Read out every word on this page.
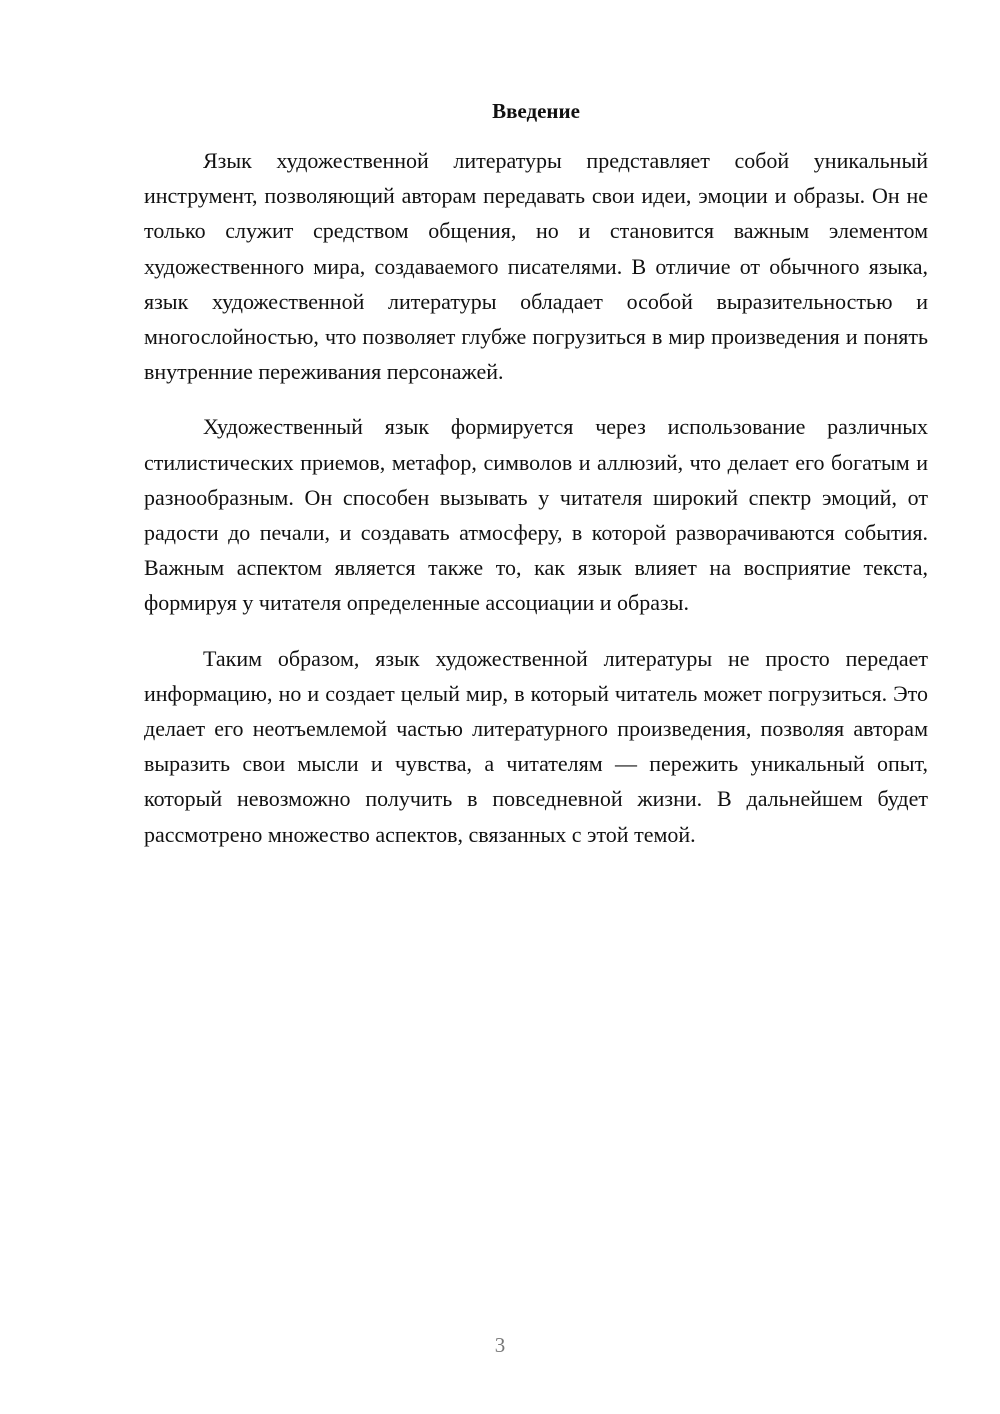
Введение

Язык художественной литературы представляет собой уникальный инструмент, позволяющий авторам передавать свои идеи, эмоции и образы. Он не только служит средством общения, но и становится важным элементом художественного мира, создаваемого писателями. В отличие от обычного языка, язык художественной литературы обладает особой выразительностью и многослойностью, что позволяет глубже погрузиться в мир произведения и понять внутренние переживания персонажей.

Художественный язык формируется через использование различных стилистических приемов, метафор, символов и аллюзий, что делает его богатым и разнообразным. Он способен вызывать у читателя широкий спектр эмоций, от радости до печали, и создавать атмосферу, в которой разворачиваются события. Важным аспектом является также то, как язык влияет на восприятие текста, формируя у читателя определенные ассоциации и образы.

Таким образом, язык художественной литературы не просто передает информацию, но и создает целый мир, в который читатель может погрузиться. Это делает его неотъемлемой частью литературного произведения, позволяя авторам выразить свои мысли и чувства, а читателям — пережить уникальный опыт, который невозможно получить в повседневной жизни. В дальнейшем будет рассмотрено множество аспектов, связанных с этой темой.

3
